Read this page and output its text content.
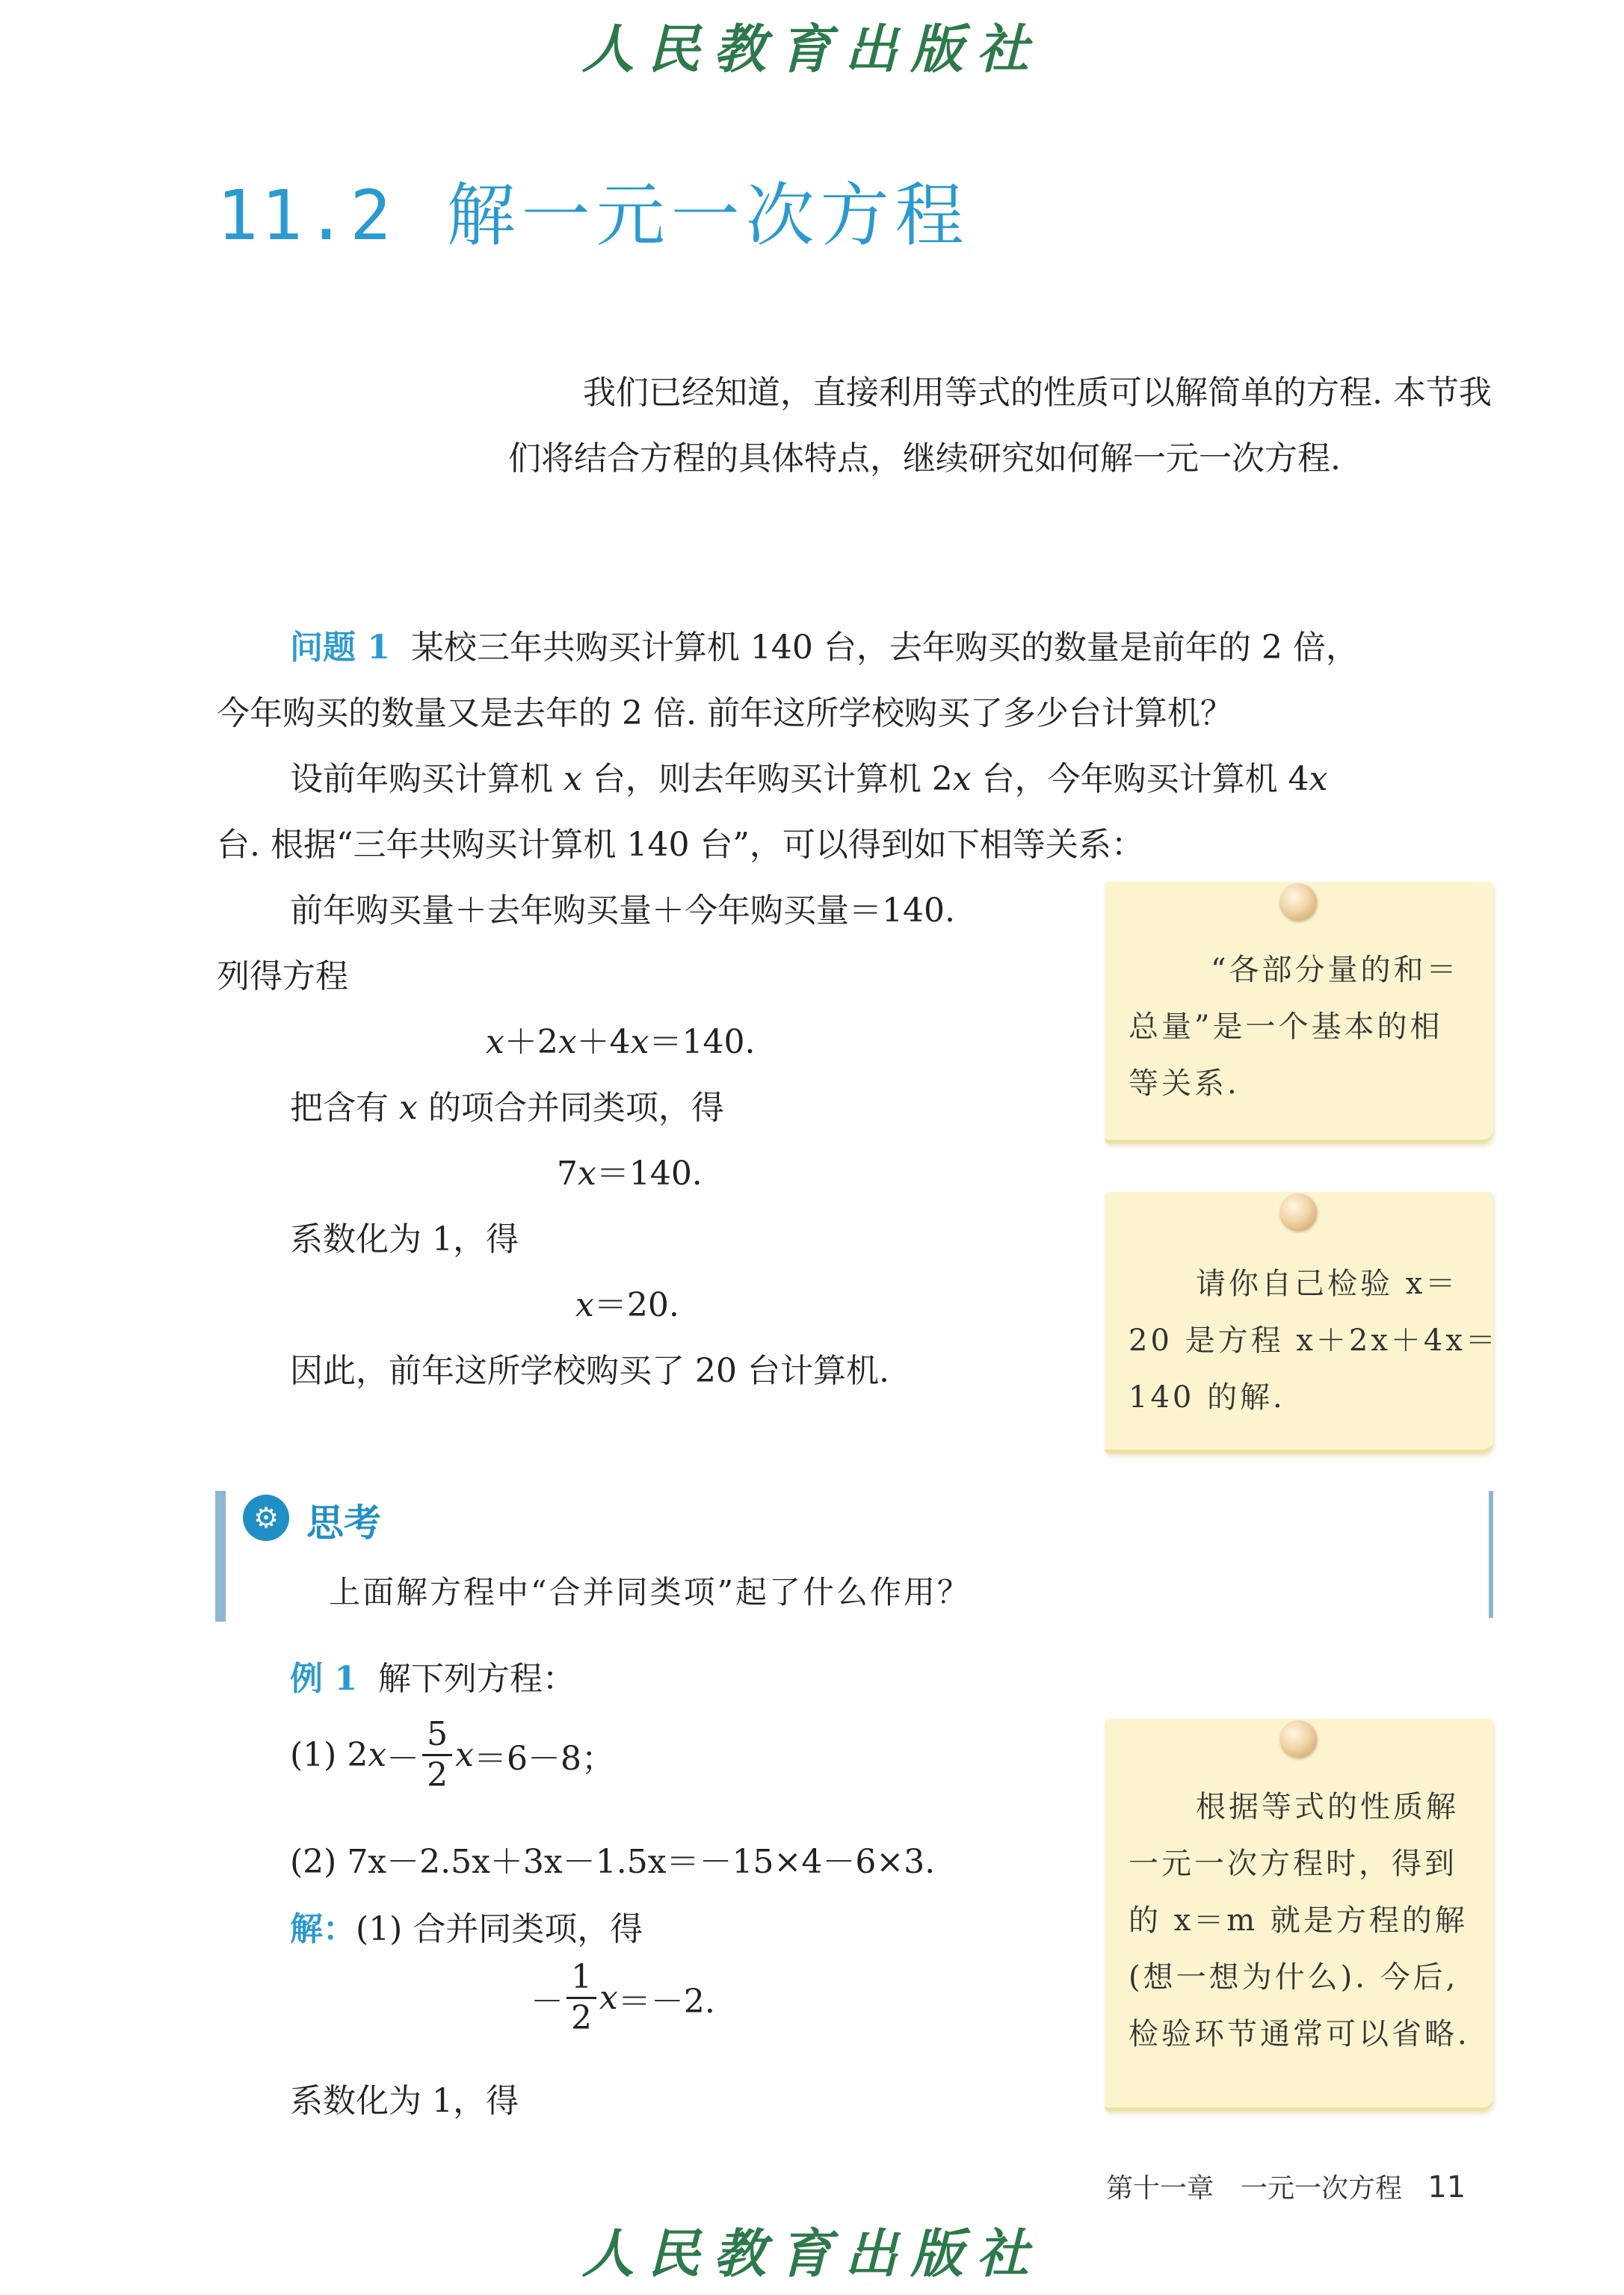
人民教育出版社
11.2 解一元一次方程

我们已经知道，直接利用等式的性质可以解简单的方程. 本节我们将结合方程的具体特点，继续研究如何解一元一次方程.

问题 1 某校三年共购买计算机 140 台，去年购买的数量是前年的 2 倍，
今年购买的数量又是去年的 2 倍. 前年这所学校购买了多少台计算机？
设前年购买计算机 x 台，则去年购买计算机 2x 台，今年购买计算机 4x
台. 根据“三年共购买计算机 140 台”，可以得到如下相等关系：
前年购买量＋去年购买量＋今年购买量＝140.
列得方程
x＋2x＋4x＝140.
把含有 x 的项合并同类项，得
7x＝140.
系数化为 1，得
x＝20.
因此，前年这所学校购买了 20 台计算机.
“各部分量的和＝
总量”是一个基本的相
等关系.
请你自己检验 x＝
20 是方程 x＋2x＋4x＝
140 的解.
⚙ 思考
上面解方程中“合并同类项”起了什么作用？
例 1 解下列方程：
(1) 2 $x - \frac{5}{2}$ x ＝6－8；
(2) 7x－2.5x＋3x－1.5x＝－15×4－6×3.
解：(1) 合并同类项，得
－ $\frac{1}{2}$ x ＝－2.
系数化为 1，得
根据等式的性质解
一元一次方程时，得到
的 x＝m 就是方程的解
(想一想为什么). 今后,
检验环节通常可以省略.
第十一章　一元一次方程 11
人民教育出版社
